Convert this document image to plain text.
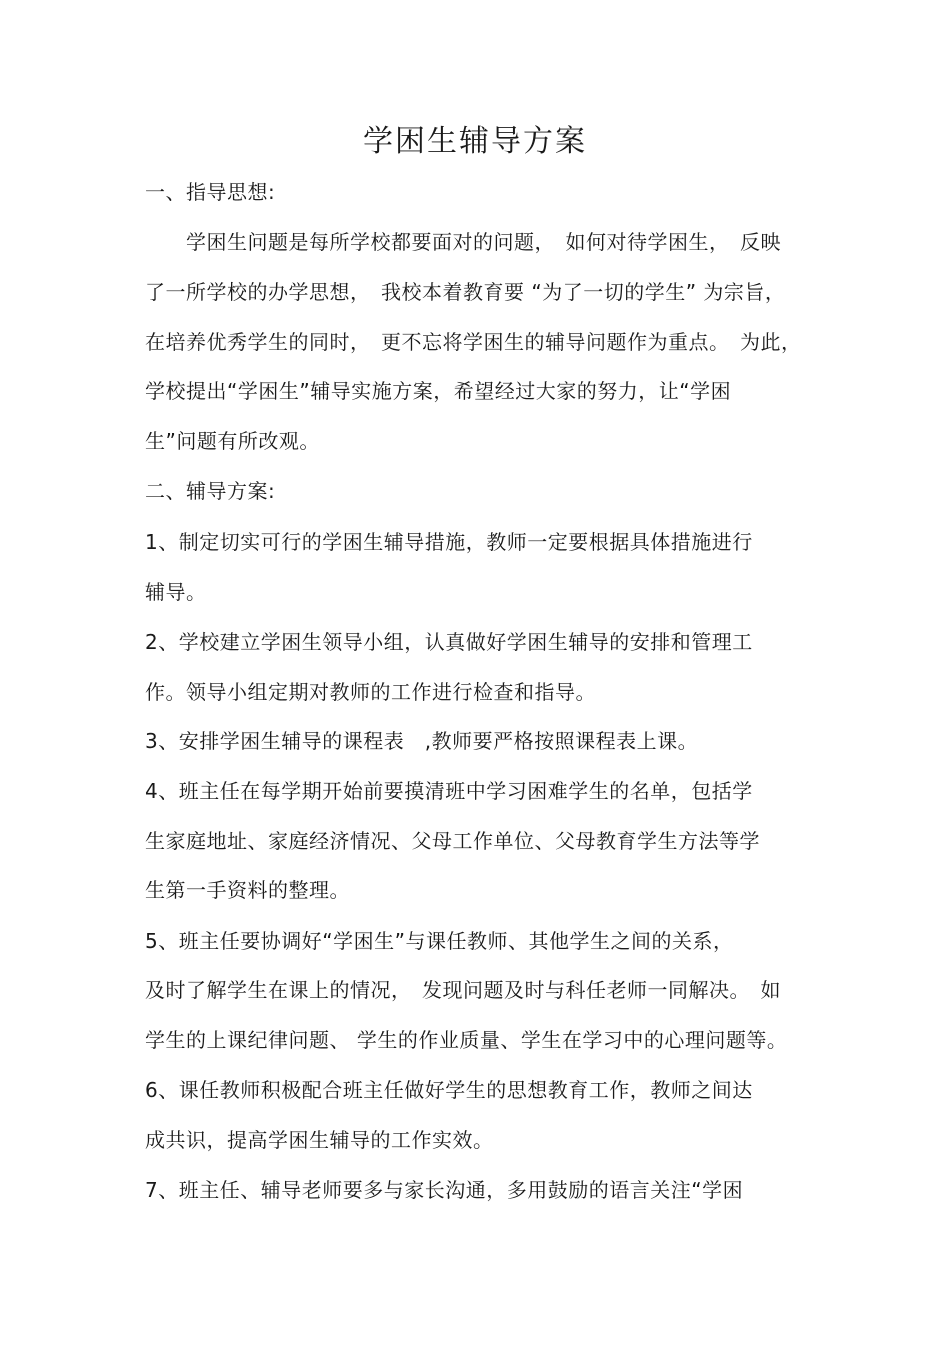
学困生辅导方案
一、指导思想:
　　学困生问题是每所学校都要面对的问题，　如何对待学困生，　反映
了一所学校的办学思想，　我校本着教育要 “为了一切的学生” 为宗旨，
在培养优秀学生的同时，　更不忘将学困生的辅导问题作为重点。　为此，
学校提出“学困生”辅导实施方案，希望经过大家的努力，让“学困
生”问题有所改观。
二、辅导方案:
1、制定切实可行的学困生辅导措施，教师一定要根据具体措施进行
辅导。
2、学校建立学困生领导小组，认真做好学困生辅导的安排和管理工
作。领导小组定期对教师的工作进行检查和指导。
3、安排学困生辅导的课程表　,教师要严格按照课程表上课。
4、班主任在每学期开始前要摸清班中学习困难学生的名单，包括学
生家庭地址、家庭经济情况、父母工作单位、父母教育学生方法等学
生第一手资料的整理。
5、班主任要协调好“学困生”与课任教师、其他学生之间的关系，
及时了解学生在课上的情况，　发现问题及时与科任老师一同解决。　如
学生的上课纪律问题、 学生的作业质量、学生在学习中的心理问题等。
6、课任教师积极配合班主任做好学生的思想教育工作，教师之间达
成共识，提高学困生辅导的工作实效。
7、班主任、辅导老师要多与家长沟通，多用鼓励的语言关注“学困
